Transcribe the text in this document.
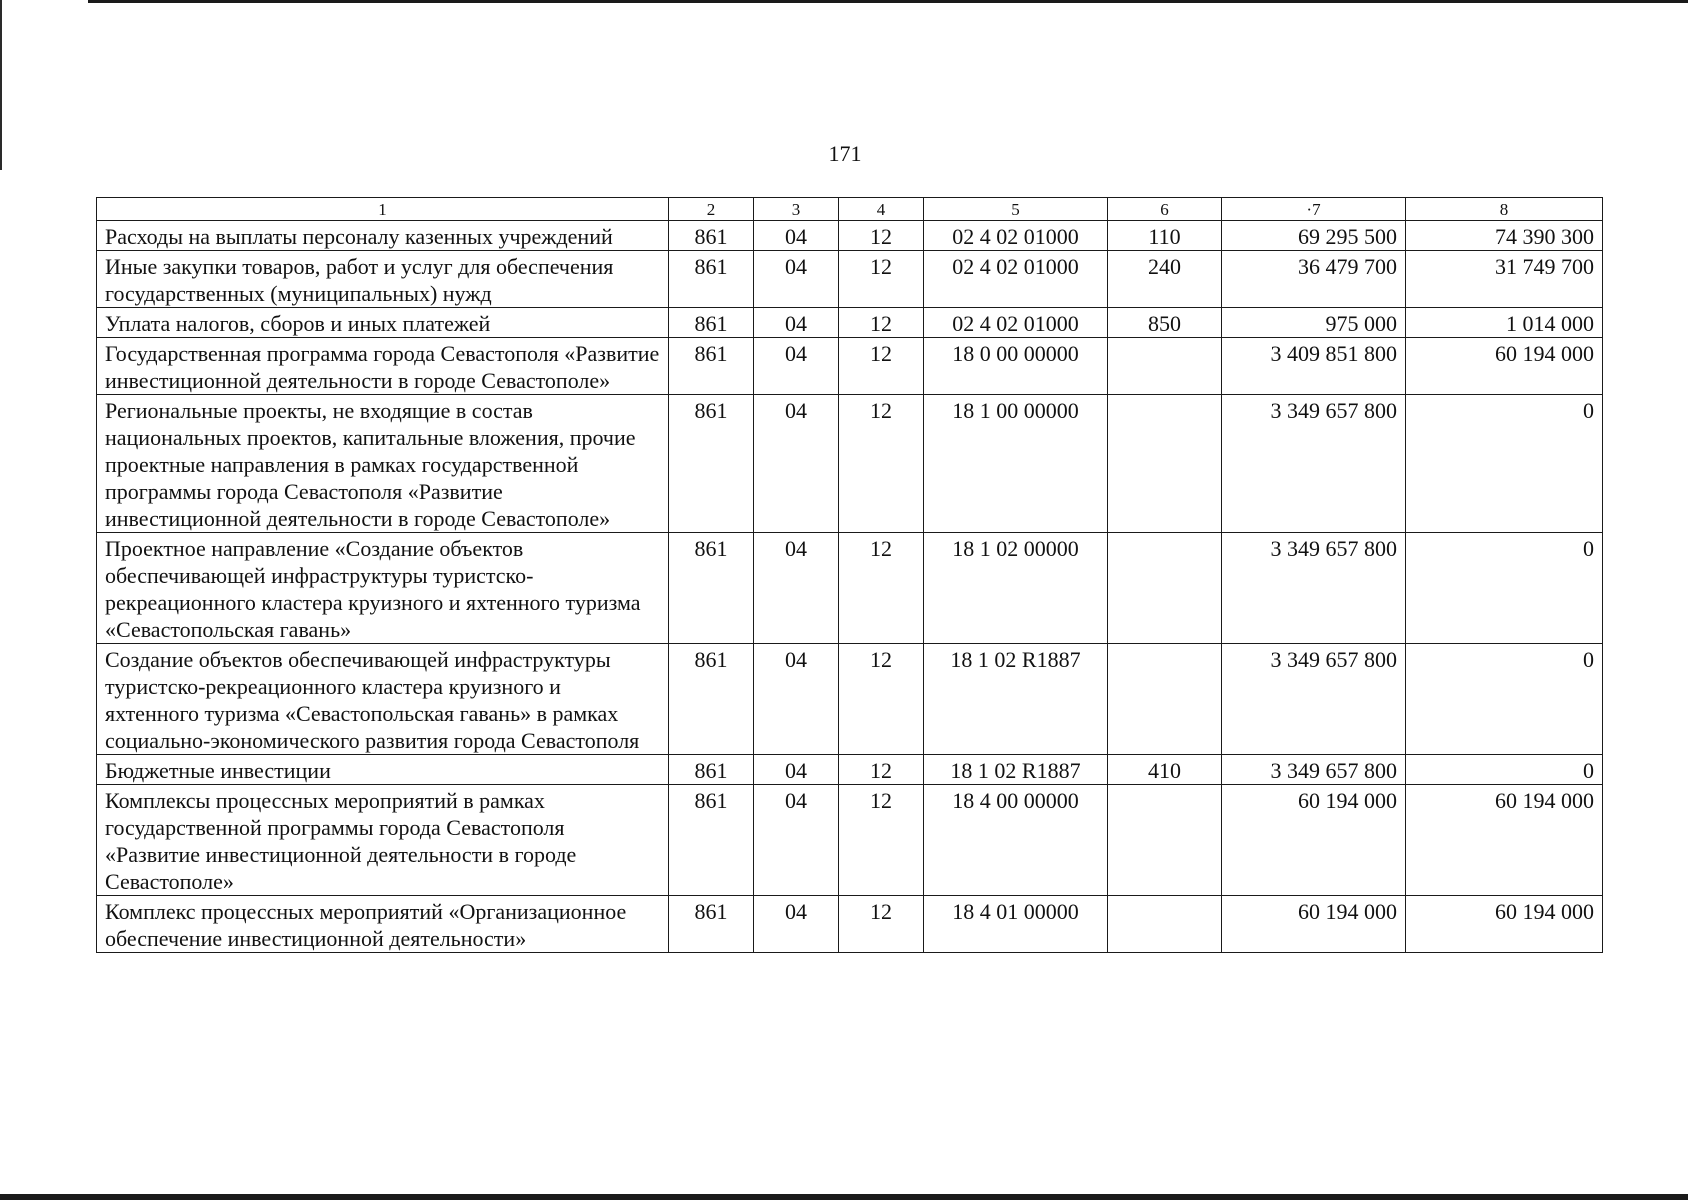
171
1	2	3	4	5	6	·7	8
Расходы на выплаты персоналу казенных учреждений	861	04	12	02 4 02 01000	110	69 295 500	74 390 300
Иные закупки товаров, работ и услуг для обеспечения государственных (муниципальных) нужд	861	04	12	02 4 02 01000	240	36 479 700	31 749 700
Уплата налогов, сборов и иных платежей	861	04	12	02 4 02 01000	850	975 000	1 014 000
Государственная программа города Севастополя «Развитие инвестиционной деятельности в городе Севастополе»	861	04	12	18 0 00 00000		3 409 851 800	60 194 000
Региональные проекты, не входящие в состав национальных проектов, капитальные вложения, прочие проектные направления в рамках государственной программы города Севастополя «Развитие инвестиционной деятельности в городе Севастополе»	861	04	12	18 1 00 00000		3 349 657 800	0
Проектное направление «Создание объектов обеспечивающей инфраструктуры туристско-рекреационного кластера круизного и яхтенного туризма «Севастопольская гавань»	861	04	12	18 1 02 00000		3 349 657 800	0
Создание объектов обеспечивающей инфраструктуры туристско-рекреационного кластера круизного и яхтенного туризма «Севастопольская гавань» в рамках социально-экономического развития города Севастополя	861	04	12	18 1 02 R1887		3 349 657 800	0
Бюджетные инвестиции	861	04	12	18 1 02 R1887	410	3 349 657 800	0
Комплексы процессных мероприятий в рамках государственной программы города Севастополя «Развитие инвестиционной деятельности в городе Севастополе»	861	04	12	18 4 00 00000		60 194 000	60 194 000
Комплекс процессных мероприятий «Организационное обеспечение инвестиционной деятельности»	861	04	12	18 4 01 00000		60 194 000	60 194 000
